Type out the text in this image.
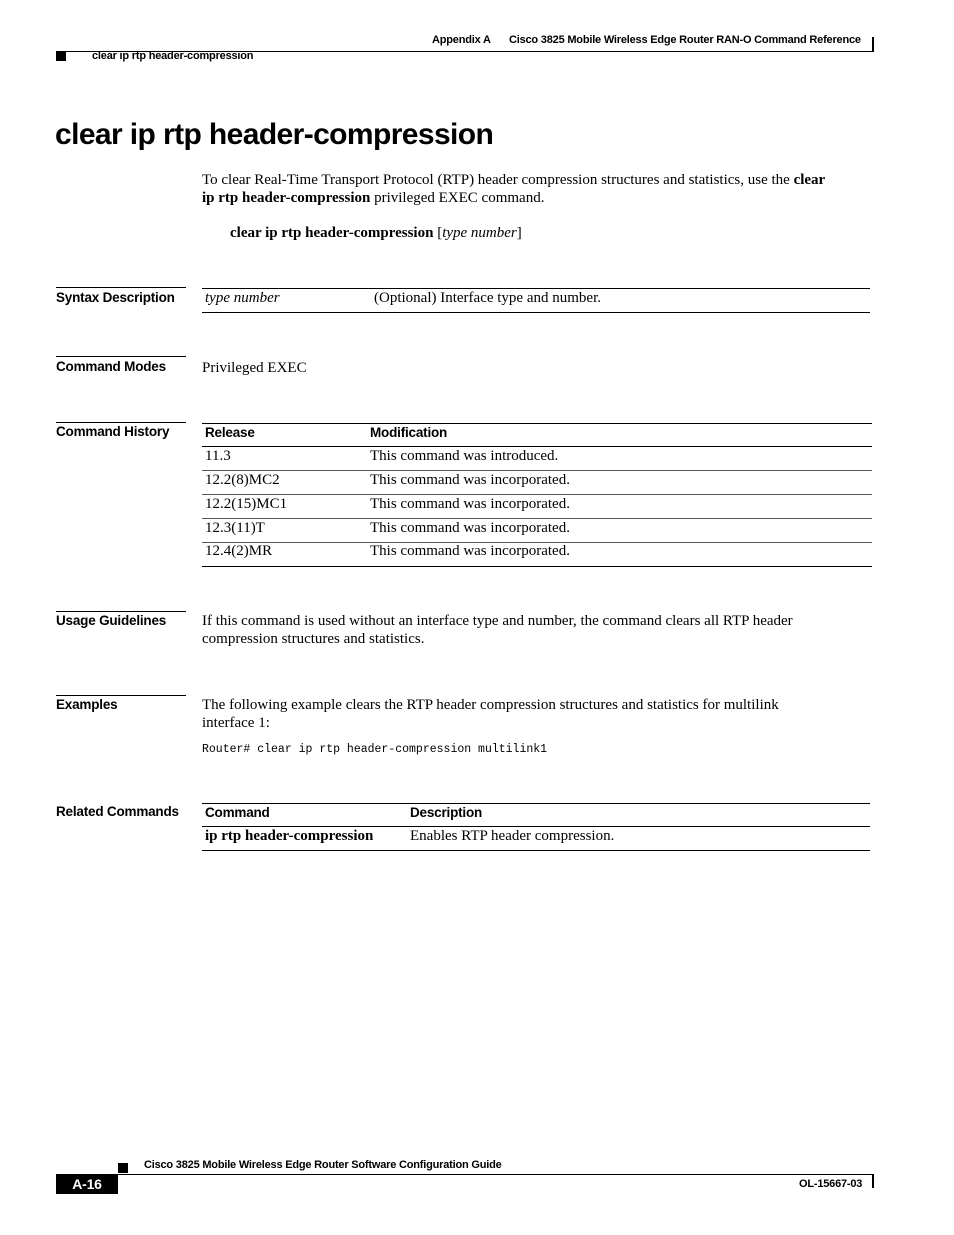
Appendix A Cisco 3825 Mobile Wireless Edge Router RAN-O Command Reference
clear ip rtp header-compression
clear ip rtp header-compression
To clear Real-Time Transport Protocol (RTP) header compression structures and statistics, use the clear
ip rtp header-compression privileged EXEC command.
clear ip rtp header-compression [type number]
Syntax Description type number	(Optional) Interface type and number.
Command Modes Privileged EXEC
Command History	Release	Modification
11.3	This command was introduced.
12.2(8)MC2	This command was incorporated.
12.2(15)MC1	This command was incorporated.
12.3(11)T	This command was incorporated.
12.4(2)MR	This command was incorporated.
Usage Guidelines If this command is used without an interface type and number, the command clears all RTP header
compression structures and statistics.
Examples	The following example clears the RTP header compression structures and statistics for multilink
interface 1:
Router# clear ip rtp header-compression multilink1
Related Commands Command	Description
ip rtp header-compression Enables RTP header compression.
Cisco 3825 Mobile Wireless Edge Router Software Configuration Guide
A-16	OL-15667-03
